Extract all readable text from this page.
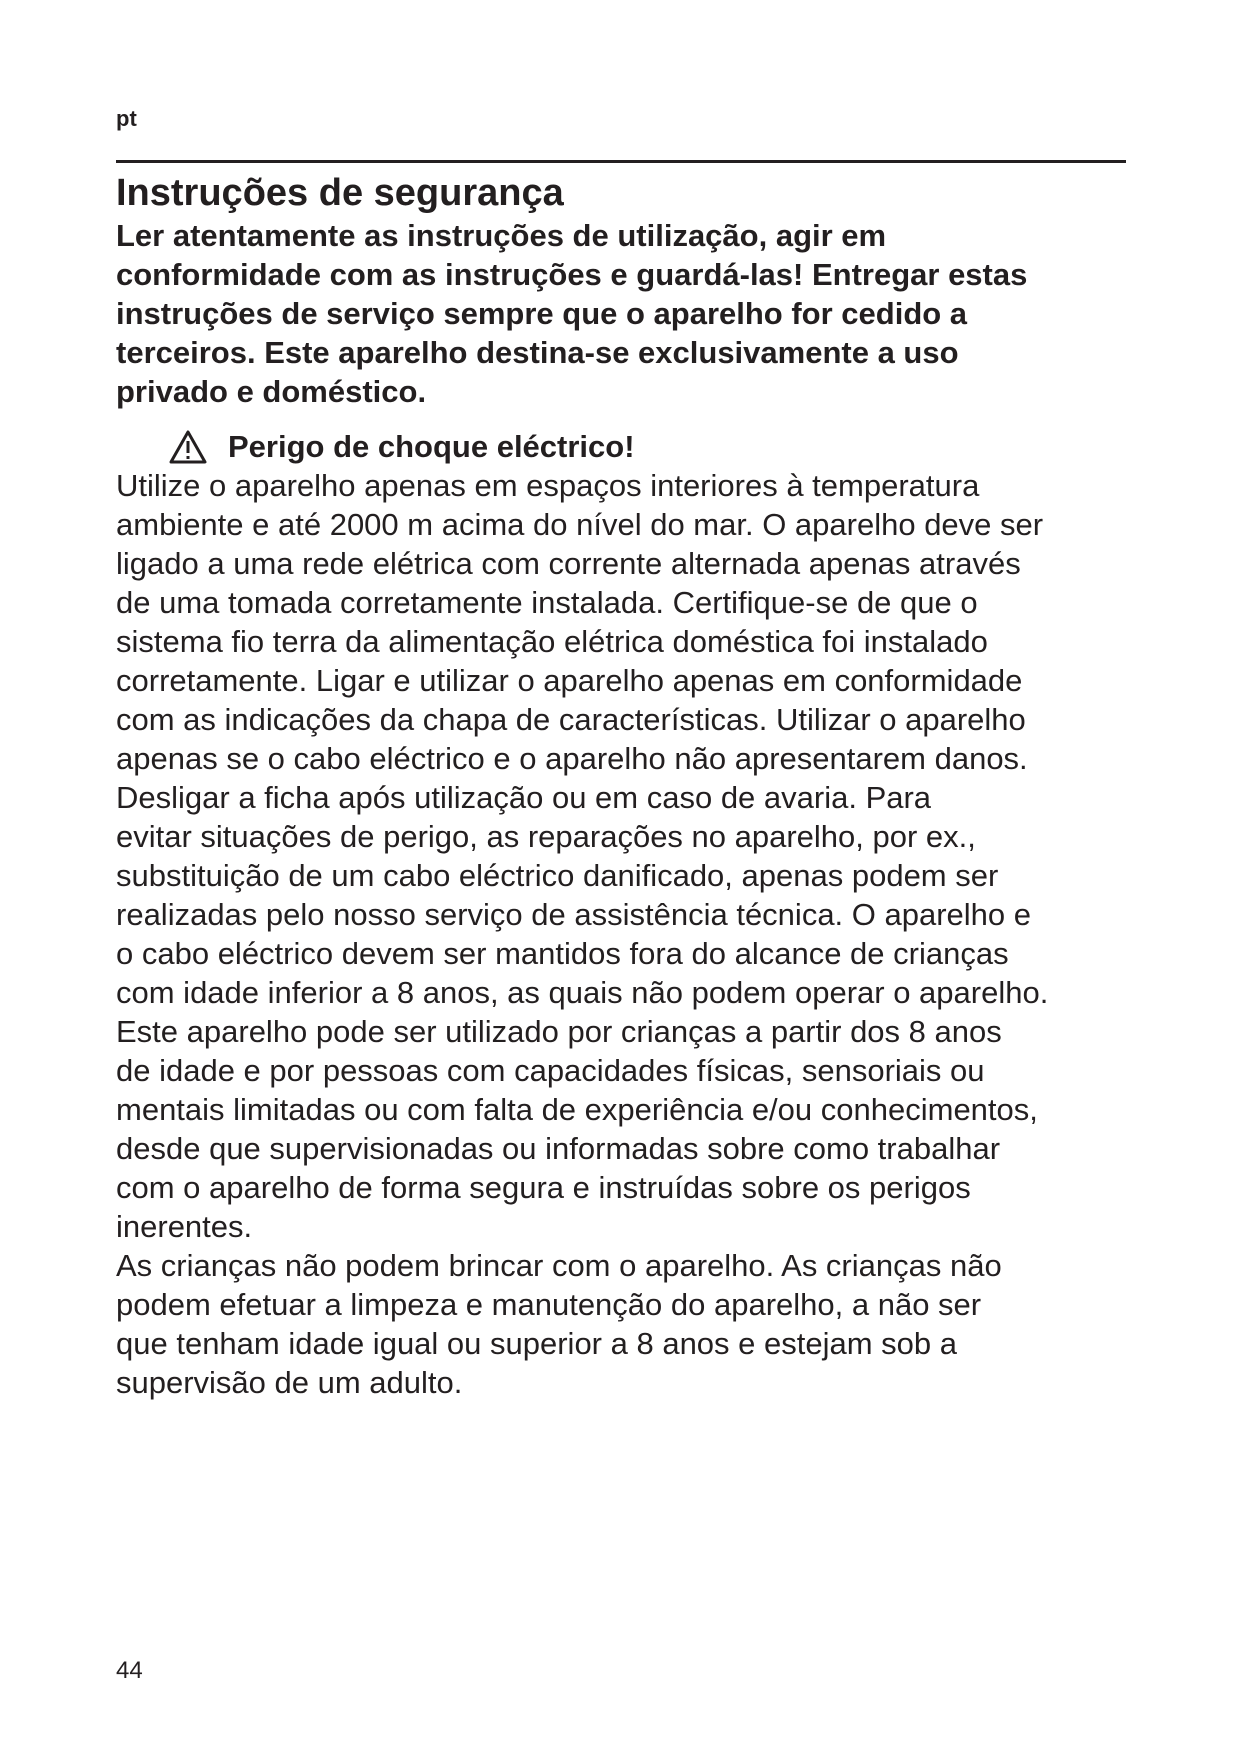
pt
Instruções de segurança
Ler atentamente as instruções de utilização, agir em
conformidade com as instruções e guardá-las! Entregar estas
instruções de serviço sempre que o aparelho for cedido a
terceiros. Este aparelho destina-se exclusivamente a uso
privado e doméstico.
Perigo de choque eléctrico!
Utilize o aparelho apenas em espaços interiores à temperatura
ambiente e até 2000 m acima do nível do mar. O aparelho deve ser
ligado a uma rede elétrica com corrente alternada apenas através
de uma tomada corretamente instalada. Certifique-se de que o
sistema fio terra da alimentação elétrica doméstica foi instalado
corretamente. Ligar e utilizar o aparelho apenas em conformidade
com as indicações da chapa de características. Utilizar o aparelho
apenas se o cabo eléctrico e o aparelho não apresentarem danos.
Desligar a ficha após utilização ou em caso de avaria. Para
evitar situações de perigo, as reparações no aparelho, por ex.,
substituição de um cabo eléctrico danificado, apenas podem ser
realizadas pelo nosso serviço de assistência técnica. O aparelho e
o cabo eléctrico devem ser mantidos fora do alcance de crianças
com idade inferior a 8 anos, as quais não podem operar o aparelho.
Este aparelho pode ser utilizado por crianças a partir dos 8 anos
de idade e por pessoas com capacidades físicas, sensoriais ou
mentais limitadas ou com falta de experiência e/ou conhecimentos,
desde que supervisionadas ou informadas sobre como trabalhar
com o aparelho de forma segura e instruídas sobre os perigos
inerentes.
As crianças não podem brincar com o aparelho. As crianças não
podem efetuar a limpeza e manutenção do aparelho, a não ser
que tenham idade igual ou superior a 8 anos e estejam sob a
supervisão de um adulto.
44
